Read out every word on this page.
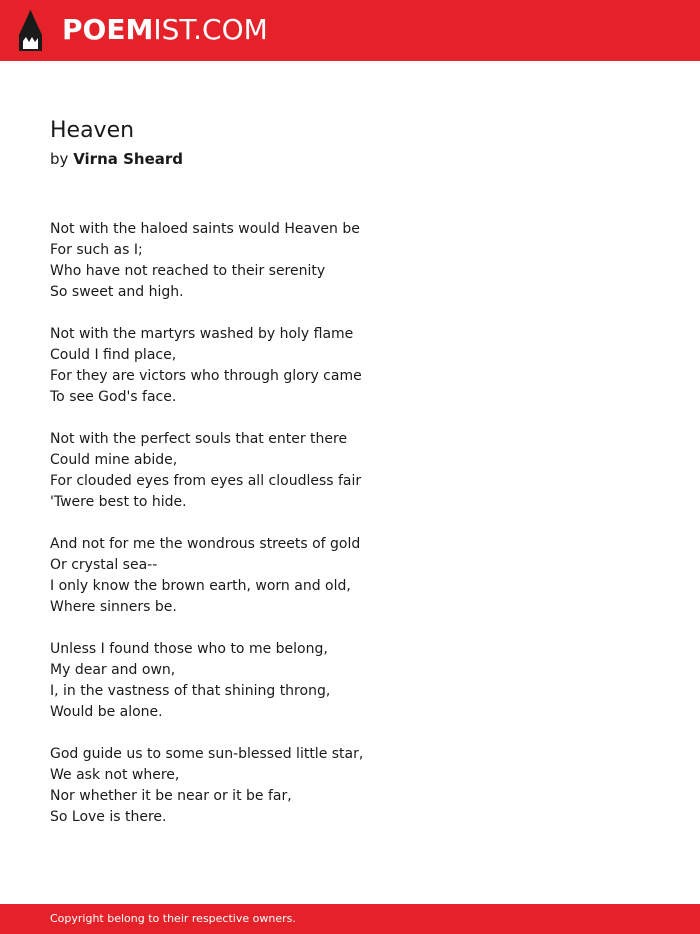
POEMIST.COM
Heaven
by Virna Sheard
Not with the haloed saints would Heaven be
For such as I;
Who have not reached to their serenity
So sweet and high.
Not with the martyrs washed by holy flame
Could I find place,
For they are victors who through glory came
To see God's face.
Not with the perfect souls that enter there
Could mine abide,
For clouded eyes from eyes all cloudless fair
'Twere best to hide.
And not for me the wondrous streets of gold
Or crystal sea--
I only know the brown earth, worn and old,
Where sinners be.
Unless I found those who to me belong,
My dear and own,
I, in the vastness of that shining throng,
Would be alone.
God guide us to some sun-blessed little star,
We ask not where,
Nor whether it be near or it be far,
So Love is there.
Copyright belong to their respective owners.
